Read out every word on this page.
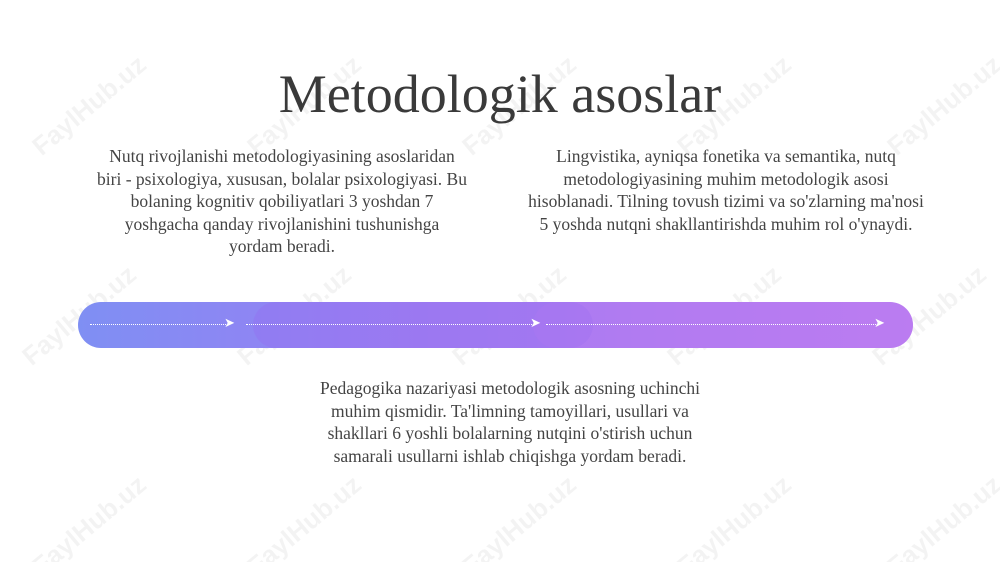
Metodologik asoslar
Nutq rivojlanishi metodologiyasining asoslaridan biri - psixologiya, xususan, bolalar psixologiyasi. Bu bolaning kognitiv qobiliyatlari 3 yoshdan 7 yoshgacha qanday rivojlanishini tushunishga yordam beradi.
Lingvistika, ayniqsa fonetika va semantika, nutq metodologiyasining muhim metodologik asosi hisoblanadi. Tilning tovush tizimi va so'zlarning ma'nosi 5 yoshda nutqni shakllantirishda muhim rol o'ynaydi.
➤	➤	➤
Pedagogika nazariyasi metodologik asosning uchinchi muhim qismidir. Ta'limning tamoyillari, usullari va shakllari 6 yoshli bolalarning nutqini o'stirish uchun samarali usullarni ishlab chiqishga yordam beradi.
